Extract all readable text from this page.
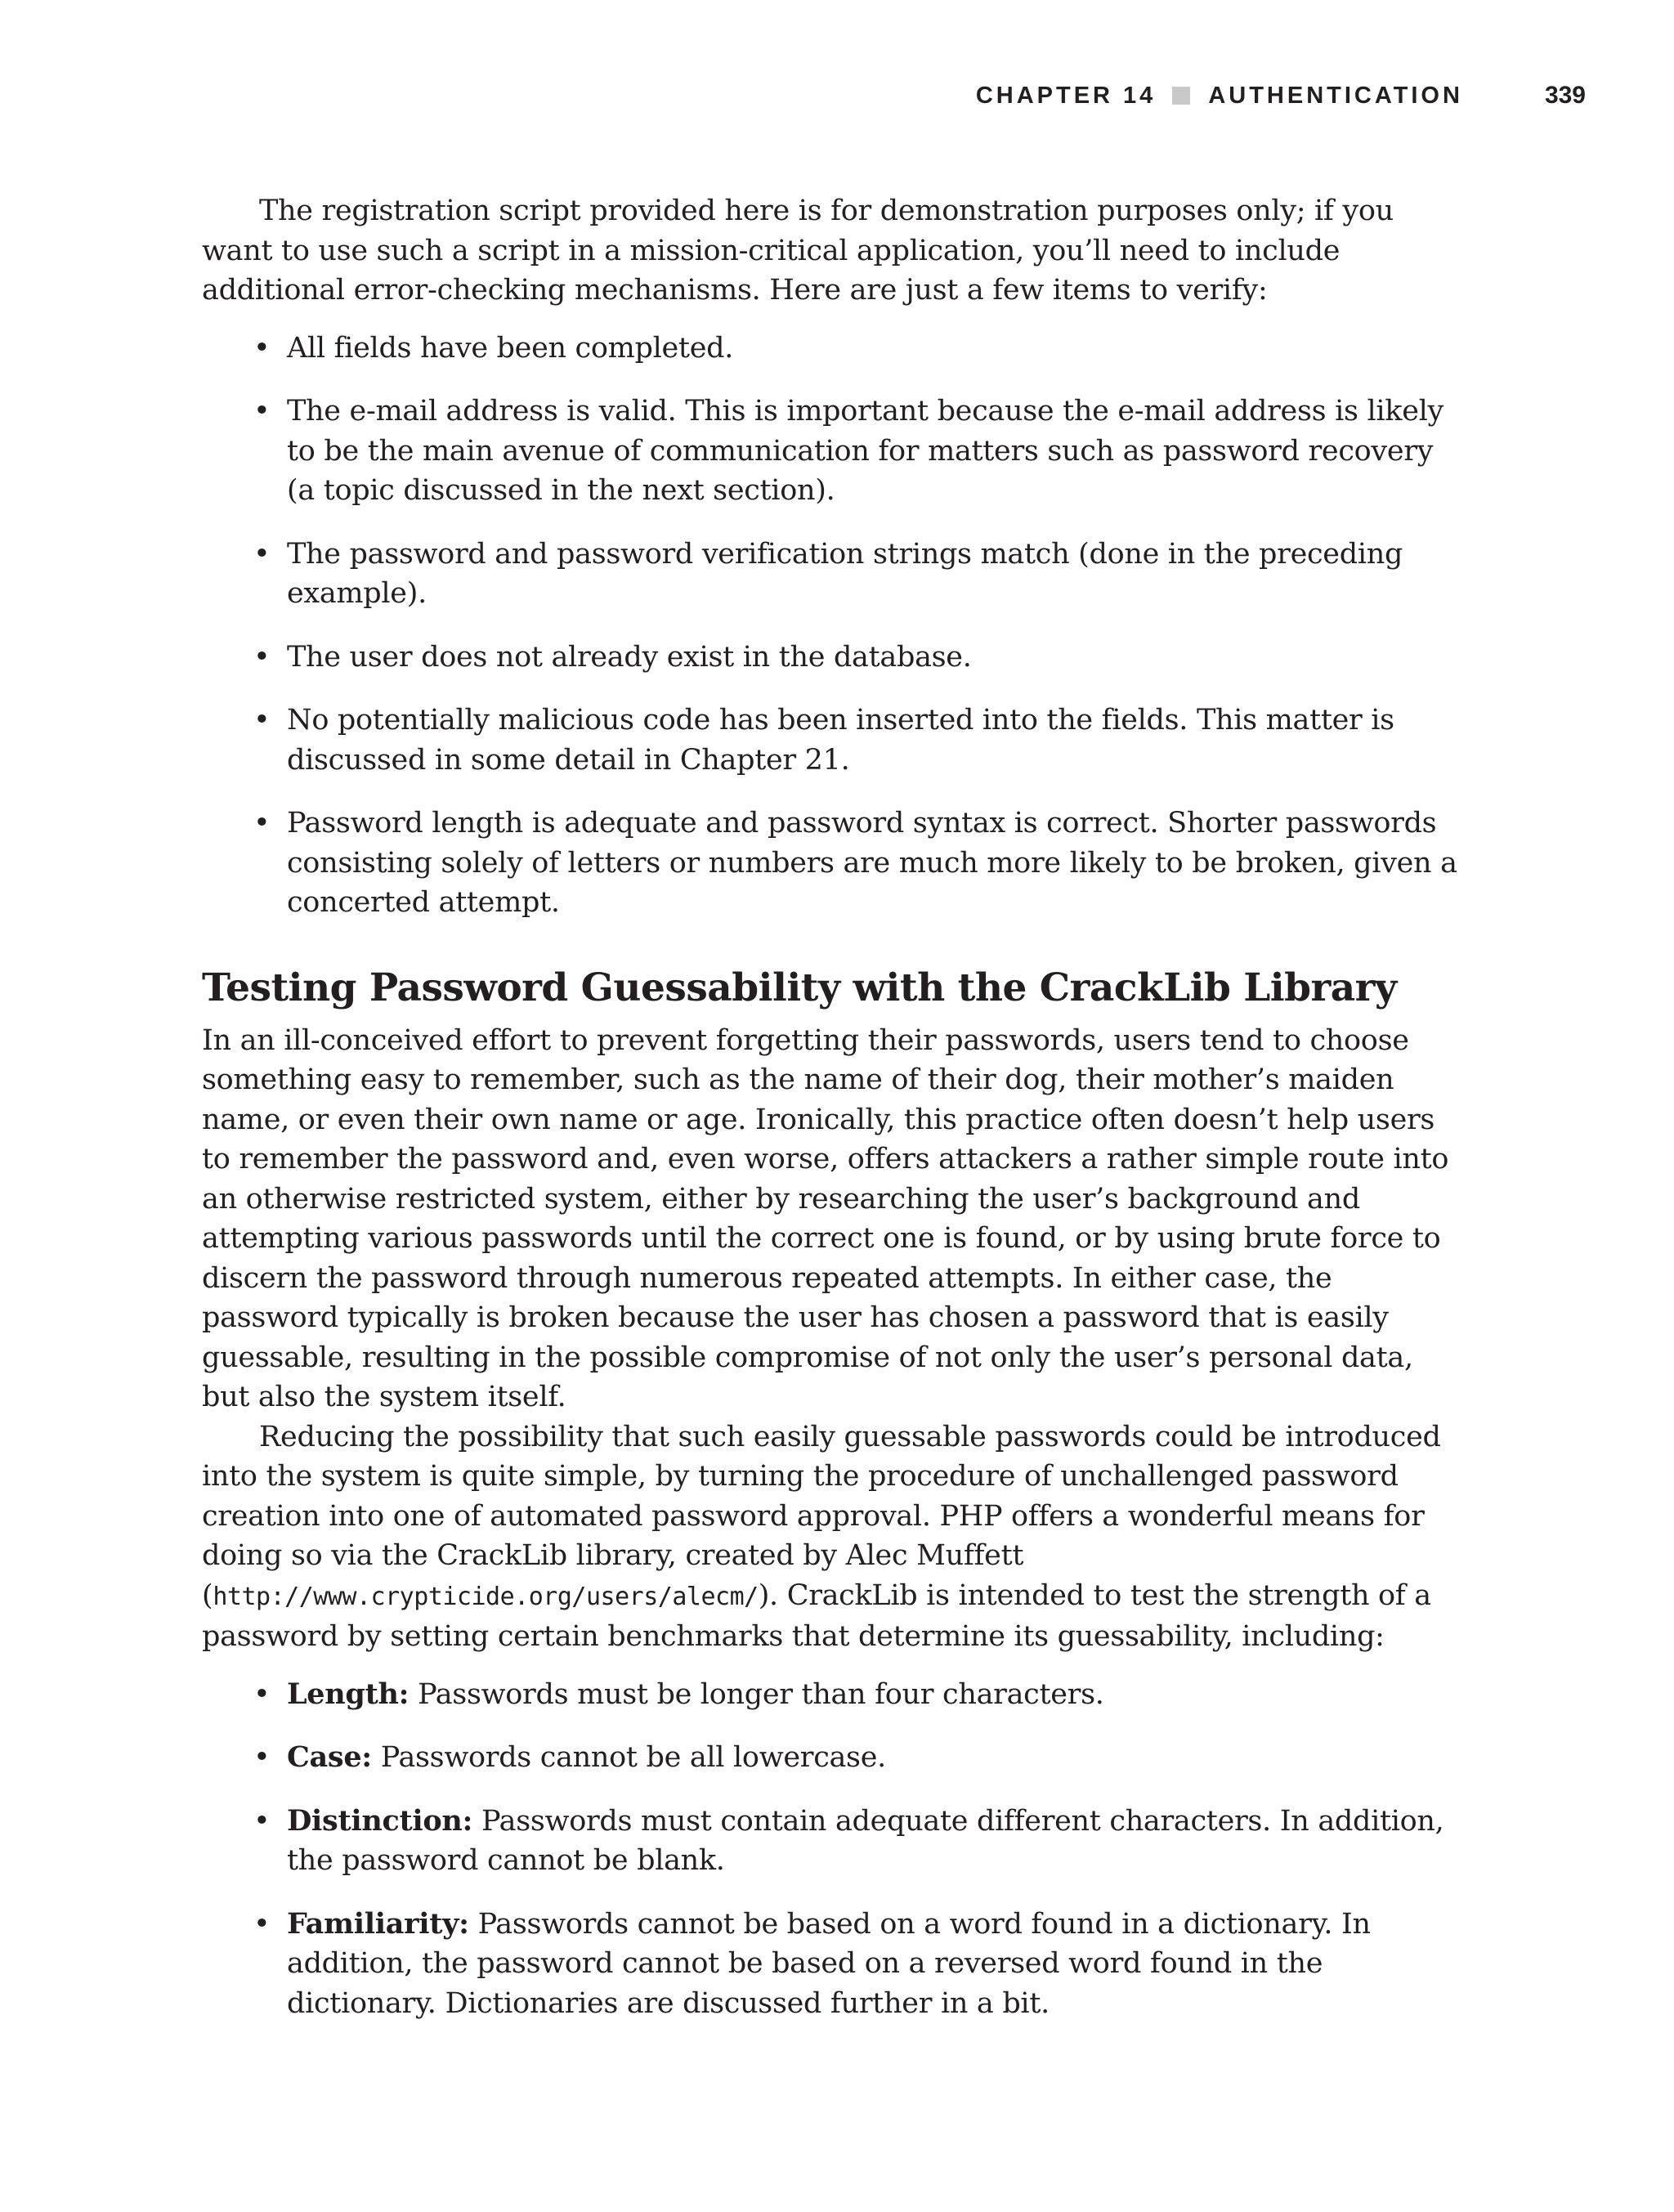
CHAPTER 14 AUTHENTICATION	339

The registration script provided here is for demonstration purposes only; if you want to use such a script in a mission-critical application, you’ll need to include additional error-checking mechanisms. Here are just a few items to verify:

• All fields have been completed.
• The e-mail address is valid. This is important because the e-mail address is likely to be the main avenue of communication for matters such as password recovery (a topic discussed in the next section).
• The password and password verification strings match (done in the preceding example).
• The user does not already exist in the database.
• No potentially malicious code has been inserted into the fields. This matter is discussed in some detail in Chapter 21.
• Password length is adequate and password syntax is correct. Shorter passwords consisting solely of letters or numbers are much more likely to be broken, given a concerted attempt.
Testing Password Guessability with the CrackLib Library

In an ill-conceived effort to prevent forgetting their passwords, users tend to choose something easy to remember, such as the name of their dog, their mother’s maiden name, or even their own name or age. Ironically, this practice often doesn’t help users to remember the password and, even worse, offers attackers a rather simple route into an otherwise restricted system, either by researching the user’s background and attempting various passwords until the correct one is found, or by using brute force to discern the password through numerous repeated attempts. In either case, the password typically is broken because the user has chosen a password that is easily guessable, resulting in the possible compromise of not only the user’s personal data, but also the system itself.

Reducing the possibility that such easily guessable passwords could be introduced into the system is quite simple, by turning the procedure of unchallenged password creation into one of automated password approval. PHP offers a wonderful means for doing so via the CrackLib library, created by Alec Muffett (http://www.crypticide.org/users/alecm/). CrackLib is intended to test the strength of a password by setting certain benchmarks that determine its guessability, including:

• Length: Passwords must be longer than four characters.
• Case: Passwords cannot be all lowercase.
• Distinction: Passwords must contain adequate different characters. In addition, the password cannot be blank.
• Familiarity: Passwords cannot be based on a word found in a dictionary. In addition, the password cannot be based on a reversed word found in the dictionary. Dictionaries are discussed further in a bit.
